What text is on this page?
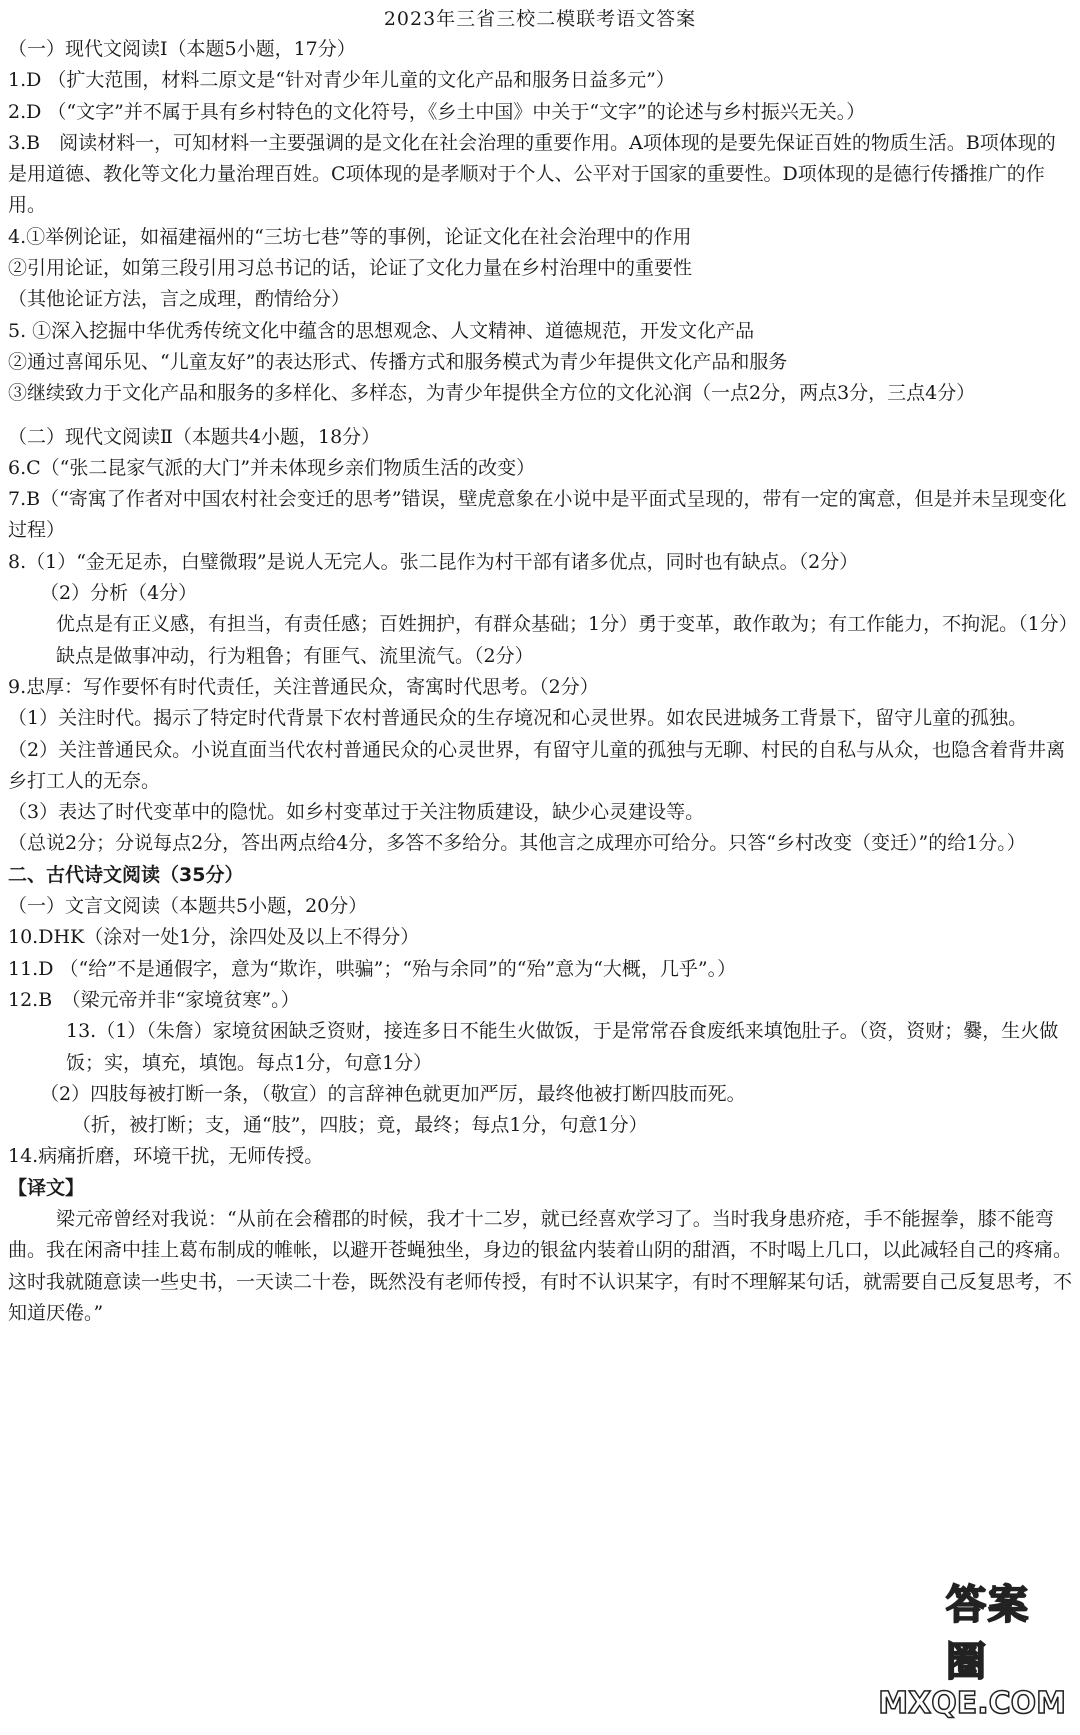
2023年三省三校二模联考语文答案
（一）现代文阅读Ⅰ（本题5小题，17分）
1.D （扩大范围，材料二原文是“针对青少年儿童的文化产品和服务日益多元”）
2.D （“文字”并不属于具有乡村特色的文化符号，《乡土中国》中关于“文字”的论述与乡村振兴无关。）
3.B　阅读材料一，可知材料一主要强调的是文化在社会治理的重要作用。A项体现的是要先保证百姓的物质生活。B项体现的是用道德、教化等文化力量治理百姓。C项体现的是孝顺对于个人、公平对于国家的重要性。D项体现的是德行传播推广的作用。
4.①举例论证，如福建福州的“三坊七巷”等的事例，论证文化在社会治理中的作用
②引用论证，如第三段引用习总书记的话，论证了文化力量在乡村治理中的重要性
（其他论证方法，言之成理，酌情给分）
5. ①深入挖掘中华优秀传统文化中蕴含的思想观念、人文精神、道德规范，开发文化产品
②通过喜闻乐见、“儿童友好”的表达形式、传播方式和服务模式为青少年提供文化产品和服务
③继续致力于文化产品和服务的多样化、多样态，为青少年提供全方位的文化沁润（一点2分，两点3分，三点4分）
（二）现代文阅读Ⅱ（本题共4小题，18分）
6.C（“张二昆家气派的大门”并未体现乡亲们物质生活的改变）
7.B（“寄寓了作者对中国农村社会变迁的思考”错误，壁虎意象在小说中是平面式呈现的，带有一定的寓意，但是并未呈现变化过程）
8.（1）“金无足赤，白璧微瑕”是说人无完人。张二昆作为村干部有诸多优点，同时也有缺点。（2分）
（2）分析（4分）
优点是有正义感，有担当，有责任感；百姓拥护，有群众基础；1分）勇于变革，敢作敢为；有工作能力，不拘泥。（1分）
缺点是做事冲动，行为粗鲁；有匪气、流里流气。（2分）
9.忠厚：写作要怀有时代责任，关注普通民众，寄寓时代思考。（2分）
（1）关注时代。揭示了特定时代背景下农村普通民众的生存境况和心灵世界。如农民进城务工背景下，留守儿童的孤独。
（2）关注普通民众。小说直面当代农村普通民众的心灵世界，有留守儿童的孤独与无聊、村民的自私与从众，也隐含着背井离乡打工人的无奈。
（3）表达了时代变革中的隐忧。如乡村变革过于关注物质建设，缺少心灵建设等。
（总说2分；分说每点2分，答出两点给4分，多答不多给分。其他言之成理亦可给分。只答“乡村改变（变迁）”的给1分。）
二、古代诗文阅读（35分）
（一）文言文阅读（本题共5小题，20分）
10.DHK（涂对一处1分，涂四处及以上不得分）
11.D （“给”不是通假字，意为“欺诈，哄骗”；“殆与余同”的“殆”意为“大概，几乎”。）
12.B　（梁元帝并非“家境贫寒”。）
13.（1）（朱詹）家境贫困缺乏资财，接连多日不能生火做饭，于是常常吞食废纸来填饱肚子。（资，资财；爨，生火做饭；实，填充，填饱。每点1分，句意1分）
（2）四肢每被打断一条，（敬宣）的言辞神色就更加严厉，最终他被打断四肢而死。
（折，被打断；支，通“肢”，四肢；竟，最终；每点1分，句意1分）
14.病痛折磨，环境干扰，无师传授。
【译文】
梁元帝曾经对我说：“从前在会稽郡的时候，我才十二岁，就已经喜欢学习了。当时我身患疥疮，手不能握拳，膝不能弯曲。我在闲斋中挂上葛布制成的帷帐，以避开苍蝇独坐，身边的银盆内装着山阴的甜酒，不时喝上几口，以此减轻自己的疼痛。这时我就随意读一些史书，一天读二十卷，既然没有老师传授，有时不认识某字，有时不理解某句话，就需要自己反复思考，不知道厌倦。”
答案圈
MXQE.COM
